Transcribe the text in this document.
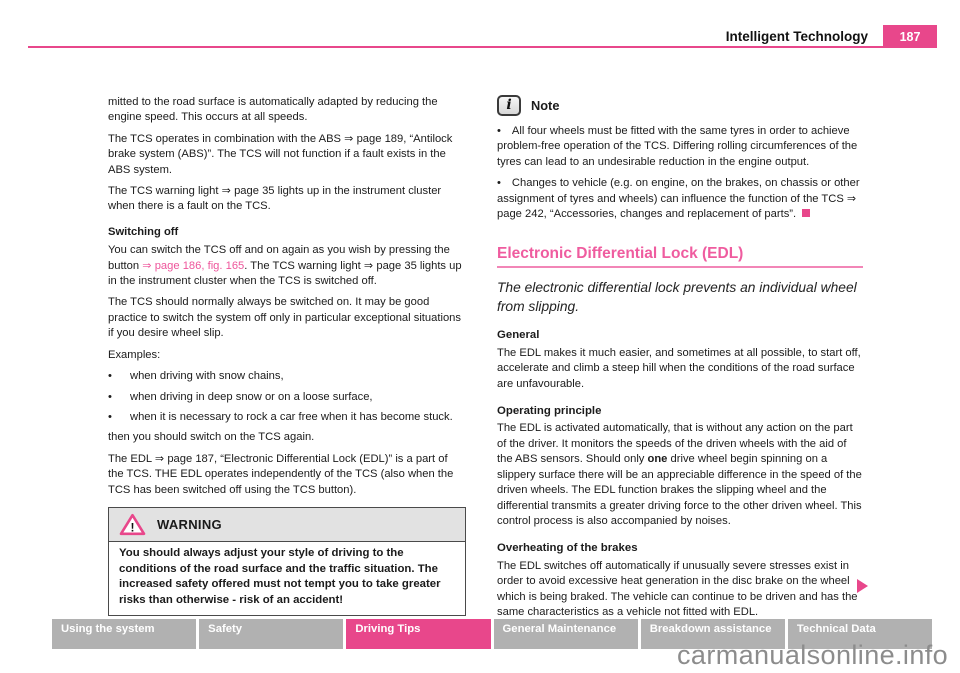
Intelligent Technology	187

mitted to the road surface is automatically adapted by reducing the engine speed. This occurs at all speeds.

The TCS operates in combination with the ABS ⇒ page 189, “Antilock brake system (ABS)”. The TCS will not function if a fault exists in the ABS system.

The TCS warning light ⇒ page 35 lights up in the instrument cluster when there is a fault on the TCS.

Switching off

You can switch the TCS off and on again as you wish by pressing the button ⇒ page 186, fig. 165. The TCS warning light ⇒ page 35 lights up in the instrument cluster when the TCS is switched off.

The TCS should normally always be switched on. It may be good practice to switch the system off only in particular exceptional situations if you desire wheel slip.

Examples:

•	when driving with snow chains,
•	when driving in deep snow or on a loose surface,
•	when it is necessary to rock a car free when it has become stuck.

then you should switch on the TCS again.

The EDL ⇒ page 187, “Electronic Differential Lock (EDL)” is a part of the TCS. THE EDL operates independently of the TCS (also when the TCS has been switched off using the TCS button).

! WARNING
You should always adjust your style of driving to the conditions of the road surface and the traffic situation. The increased safety offered must not tempt you to take greater risks than otherwise - risk of an accident!
i	Note

• All four wheels must be fitted with the same tyres in order to achieve problem-free operation of the TCS. Differing rolling circumferences of the tyres can lead to an undesirable reduction in the engine output.

• Changes to vehicle (e.g. on engine, on the brakes, on chassis or other assignment of tyres and wheels) can influence the function of the TCS ⇒ page 242, “Accessories, changes and replacement of parts”.

Electronic Differential Lock (EDL)
The electronic differential lock prevents an individual wheel from slipping.
General

The EDL makes it much easier, and sometimes at all possible, to start off, accelerate and climb a steep hill when the conditions of the road surface are unfavourable.

Operating principle

The EDL is activated automatically, that is without any action on the part of the driver. It monitors the speeds of the driven wheels with the aid of the ABS sensors. Should only one drive wheel begin spinning on a slippery surface there will be an appreciable difference in the speed of the driven wheels. The EDL function brakes the slipping wheel and the differential transmits a greater driving force to the other driven wheel. This control process is also accompanied by noises.

Overheating of the brakes

The EDL switches off automatically if unusually severe stresses exist in order to avoid excessive heat generation in the disc brake on the wheel which is being braked. The vehicle can continue to be driven and has the same characteristics as a vehicle not fitted with EDL.

Using the system	Safety	Driving Tips	General Maintenance	Breakdown assistance	Technical Data
carmanualsonline.info
